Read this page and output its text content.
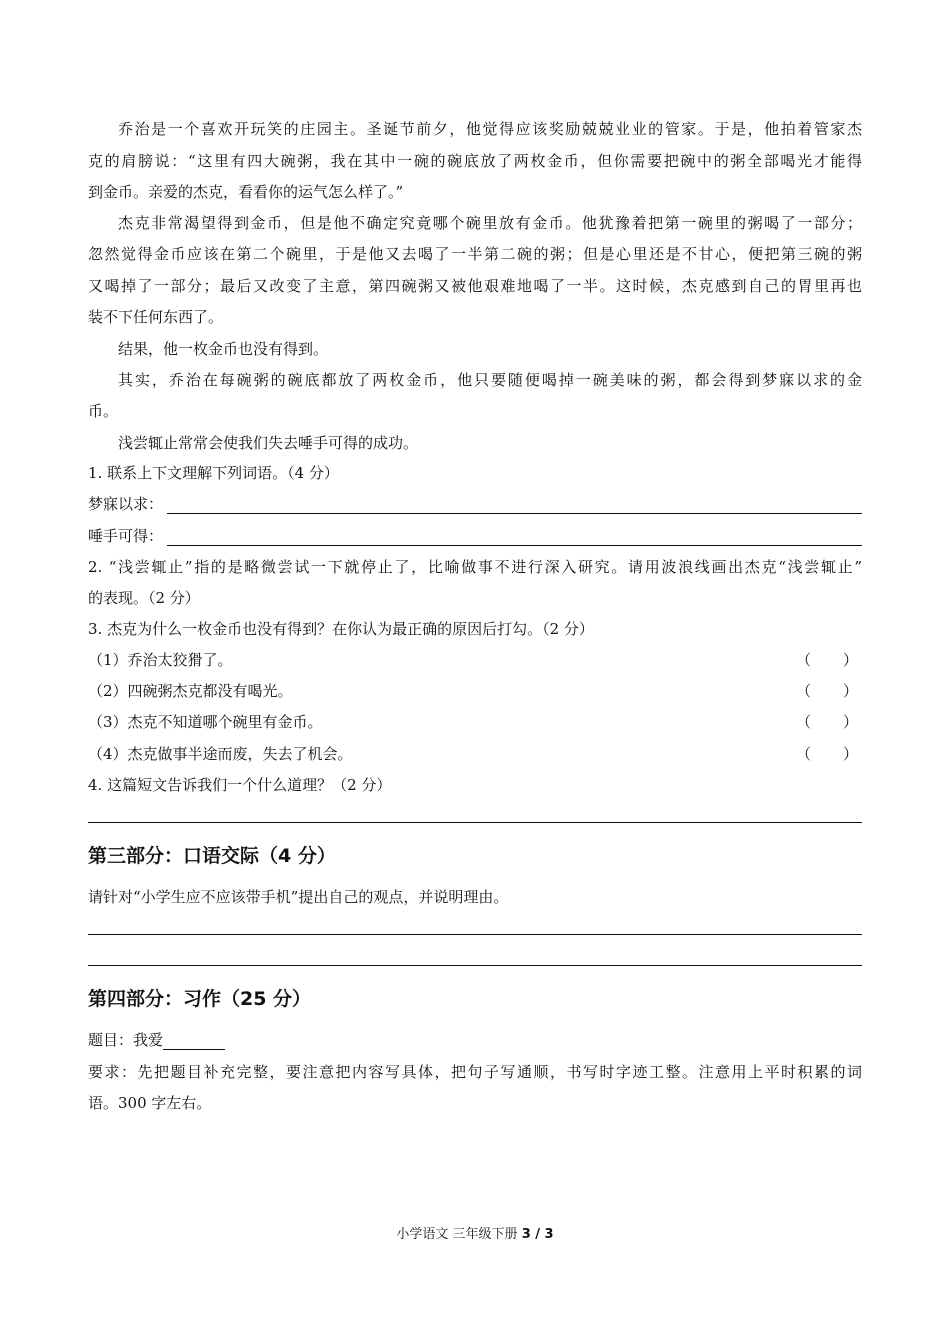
乔治是一个喜欢开玩笑的庄园主。圣诞节前夕，他觉得应该奖励兢兢业业的管家。于是，他拍着管家杰
克的肩膀说：“这里有四大碗粥，我在其中一碗的碗底放了两枚金币，但你需要把碗中的粥全部喝光才能得
到金币。亲爱的杰克，看看你的运气怎么样了。”
杰克非常渴望得到金币，但是他不确定究竟哪个碗里放有金币。他犹豫着把第一碗里的粥喝了一部分；
忽然觉得金币应该在第二个碗里，于是他又去喝了一半第二碗的粥；但是心里还是不甘心，便把第三碗的粥
又喝掉了一部分；最后又改变了主意，第四碗粥又被他艰难地喝了一半。这时候，杰克感到自己的胃里再也
装不下任何东西了。
结果，他一枚金币也没有得到。
其实，乔治在每碗粥的碗底都放了两枚金币，他只要随便喝掉一碗美味的粥，都会得到梦寐以求的金
币。
浅尝辄止常常会使我们失去唾手可得的成功。
1. 联系上下文理解下列词语。（4 分）
梦寐以求：
唾手可得：
2. “浅尝辄止”指的是略微尝试一下就停止了，比喻做事不进行深入研究。请用波浪线画出杰克“浅尝辄止”
的表现。（2 分）
3. 杰克为什么一枚金币也没有得到？在你认为最正确的原因后打勾。（2 分）
（1）乔治太狡猾了。	（ ）
（2）四碗粥杰克都没有喝光。	（ ）
（3）杰克不知道哪个碗里有金币。	（ ）
（4）杰克做事半途而废，失去了机会。	（ ）
4. 这篇短文告诉我们一个什么道理？（2 分）
第三部分：口语交际（4 分）
请针对“小学生应不应该带手机”提出自己的观点，并说明理由。
第四部分：习作（25 分）
题目：我爱
要求：先把题目补充完整，要注意把内容写具体，把句子写通顺，书写时字迹工整。注意用上平时积累的词
语。300 字左右。
小学语文 三年级下册 3 / 3
